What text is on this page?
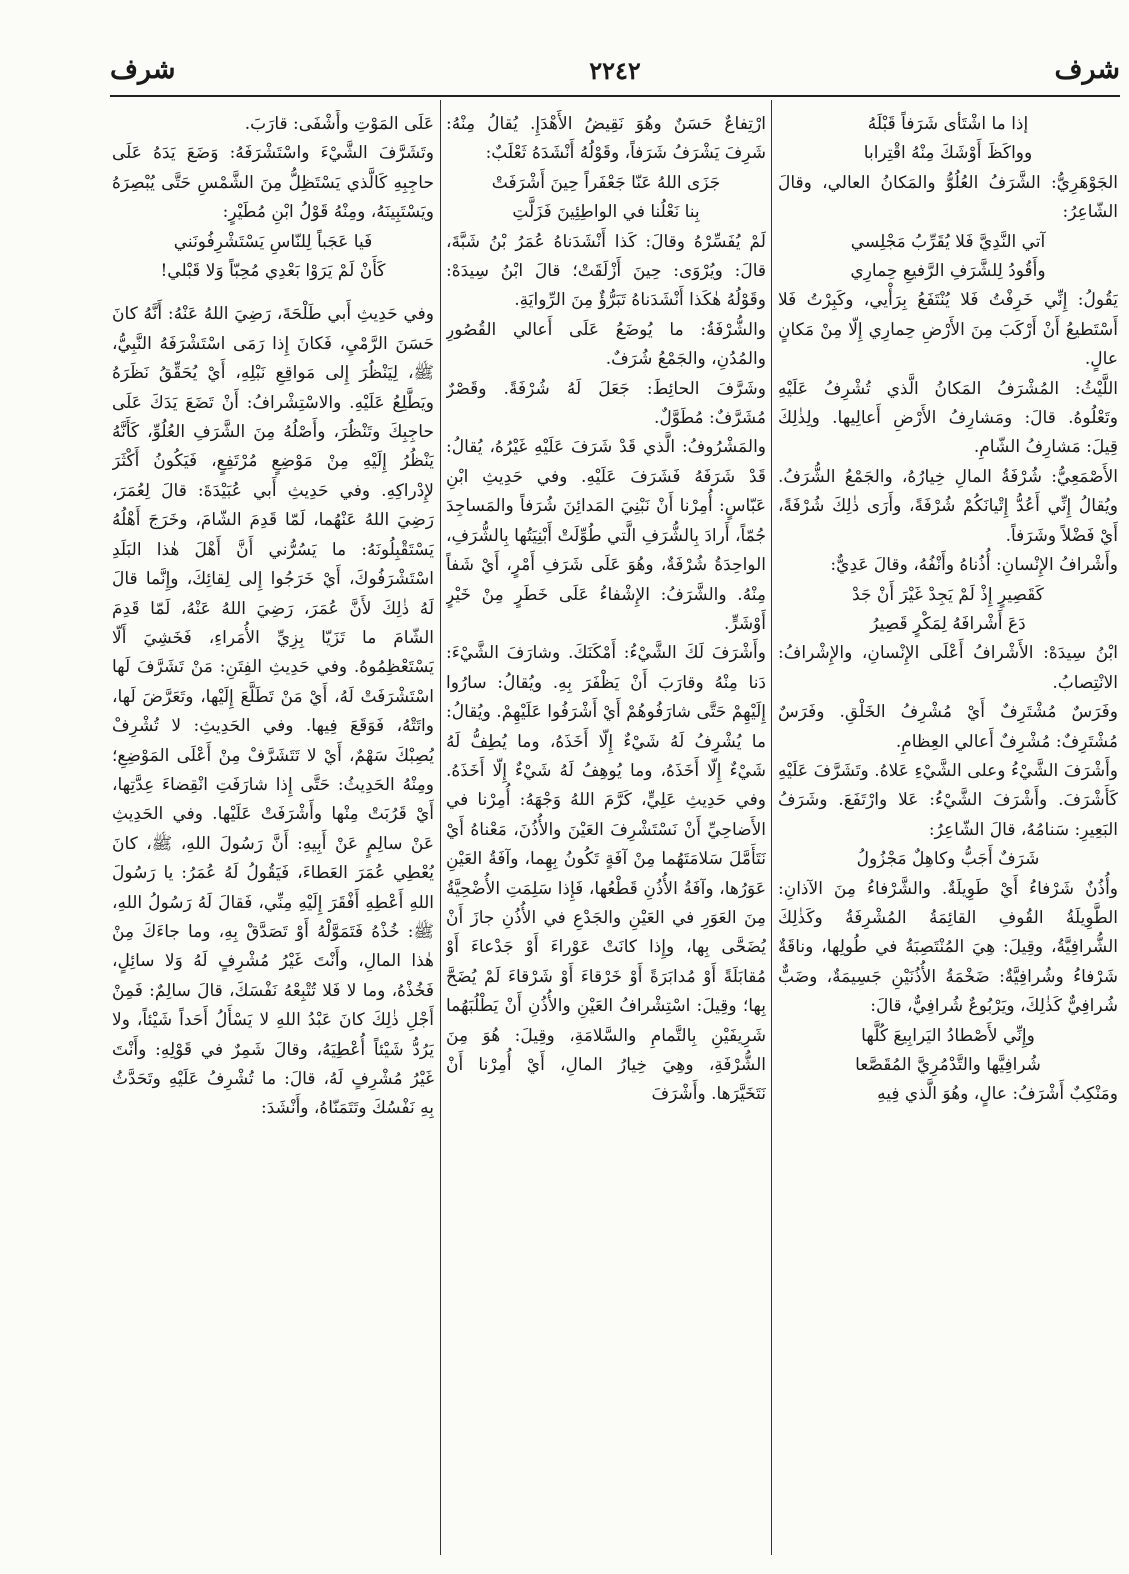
شرف
٢٢٤٢
شرف

إذا ما اشْتَأى شَرَفاً قَبْلَهُ

وواكَظَ أَوْشَكَ مِنْهُ اقْتِرابا

الجَوْهَرِيُّ: الشَّرَفُ العُلُوُّ والمَكانُ العالي، وقالَ الشّاعِرُ:

آتي النَّدِيَّ فَلا يُقَرِّبُ مَجْلِسي

وأَقُودُ لِلشَّرَفِ الرَّفيعِ حِمارِي

يَقُولُ: إِنِّي خَرِفْتُ فَلا يُنْتَفَعُ بِرَأْيي، وكَبِرْتُ فَلا أَسْتَطيعُ أَنْ أَرْكَبَ مِنَ الأَرْضِ حِمارِي إِلّا مِنْ مَكانٍ عالٍ.

اللَّيْثُ: المُشْرَفُ المَكانُ الَّذي تُشْرِفُ عَلَيْهِ وتَعْلُوهُ. قالَ: ومَشارِفُ الأَرْضِ أَعالِيها. ولِذٰلِكَ قِيلَ: مَشارِفُ الشّامِ.

الأَصْمَعِيُّ: شُرْفَةُ المالِ خِيارُهُ، والجَمْعُ الشُّرَفُ. ويُقالُ إِنِّي أَعُدُّ إِتْيانَكُمْ شُرْفَةً، وأَرَى ذٰلِكَ شُرْفَةً، أَيْ فَضْلاً وشَرَفاً.

وأَشْرافُ الإِنْسانِ: أُذُناهُ وأَنْفُهُ، وقالَ عَدِيٌّ:

كَقَصِيرٍ إِذْ لَمْ يَجِدْ غَيْرَ أَنْ جَدْ

دَعَ أَشْرافَهُ لِمَكْرٍ قَصِيرُ

ابْنُ سِيدَهْ: الأَشْرافُ أَعْلَى الإِنْسانِ، والإِشْرافُ: الانْتِصابُ.

وفَرَسٌ مُشْتَرِفٌ أَيْ مُشْرِفُ الخَلْقِ. وفَرَسٌ مُشْتَرِفٌ: مُشْرِفٌ أَعالي العِظامِ.

وأَشْرَفَ الشَّيْءُ وعلى الشَّيْءِ عَلاهُ. وتَشَرَّفَ عَلَيْهِ كَأَشْرَفَ. وأَشْرَفَ الشَّيْءُ: عَلا وارْتَفَعَ. وشَرَفُ البَعِيرِ: سَنامُهُ، قالَ الشّاعِرُ:

شَرَفٌ أَجَبُّ وكاهِلٌ مَجْزُولُ

وأُذُنٌ شَرْفاءُ أَيْ طَوِيلَةٌ. والشَّرْفاءُ مِنَ الآذانِ: الطَّوِيلَةُ القُوفِ القائِمَةُ المُشْرِفَةُ وكَذٰلِكَ الشُّرافِيَّةُ، وقِيلَ: هِيَ المُنْتَصِبَةُ في طُولِها، وناقَةٌ شَرْفاءُ وشُرافِيَّةٌ: ضَخْمَةُ الأُذُنَيْنِ جَسِيمَةٌ، وضَبٌّ شُرافِيٌّ كَذٰلِكَ، ويَرْبُوعٌ شُرافِيٌّ، قالَ:

وإِنِّي لأَصْطادُ اليَرابِيعَ كُلَّها

شُرافِيَّها والتَّدْمُرِيَّ المُقَصَّعا

ومَنْكِبٌ أَشْرَفُ: عالٍ، وهُوَ الَّذي فِيهِ

ارْتِفاعٌ حَسَنٌ وهُوَ نَقِيضُ الأَهْدَإِ. يُقالُ مِنْهُ: شَرِفَ يَشْرَفُ شَرَفاً، وقَوْلُهُ أَنْشَدَهُ ثَعْلَبٌ:

جَزَى اللهُ عَنّا جَعْفَراً حِينَ أَشْرَفَتْ

بِنا نَعْلُنا في الواطِئِينَ فَزَلَّتِ

لَمْ يُفَسِّرْهُ وقالَ: كَذا أَنْشَدَناهُ عُمَرُ بْنُ شَبَّةَ، قالَ: ويُرْوَى: حِينَ أَزْلَقَتْ؛ قالَ ابْنُ سِيدَهْ: وقَوْلُهُ هٰكَذا أَنْشَدَناهُ تَبَرُّؤٌ مِنَ الرِّوايَةِ.

والشُّرْفَةُ: ما يُوضَعُ عَلَى أَعالي القُصُورِ والمُدُنِ، والجَمْعُ شُرَفٌ.

وشَرَّفَ الحائِطَ: جَعَلَ لَهُ شُرْفَةً. وقَصْرٌ مُشَرَّفٌ: مُطَوَّلٌ.

والمَشْرُوفُ: الَّذي قَدْ شَرَفَ عَلَيْهِ غَيْرُهُ، يُقالُ: قَدْ شَرَفَهُ فَشَرَفَ عَلَيْهِ. وفي حَدِيثِ ابْنِ عَبّاسٍ: أُمِرْنا أَنْ نَبْنِيَ المَدائِنَ شُرَفاً والمَساجِدَ جُمّاً، أَرادَ بِالشُّرَفِ الَّتي طُوِّلَتْ أَبْنِيَتُها بِالشُّرَفِ، الواحِدَةُ شُرْفَةٌ، وهُوَ عَلَى شَرَفِ أَمْرٍ، أَيْ شَفاً مِنْهُ. والشَّرَفُ: الإِشْفاءُ عَلَى خَطَرٍ مِنْ خَيْرٍ أَوْشَرٍّ.

وأَشْرَفَ لَكَ الشَّيْءُ: أَمْكَنَكَ. وشارَفَ الشَّيْءَ: دَنا مِنْهُ وقارَبَ أَنْ يَظْفَرَ بِهِ. ويُقالُ: سارُوا إِلَيْهِمْ حَتَّى شارَفُوهُمْ أَيْ أَشْرَفُوا عَلَيْهِمْ. ويُقالُ: ما يُشْرِفُ لَهُ شَيْءٌ إِلّا أَخَذَهُ، وما يُطِفُّ لَهُ شَيْءٌ إِلّا أَخَذَهُ، وما يُوهِفُ لَهُ شَيْءٌ إِلّا أَخَذَهُ. وفي حَدِيثِ عَلِيٍّ، كَرَّمَ اللهُ وَجْهَهُ: أُمِرْنا في الأَضاحِيِّ أَنْ نَسْتَشْرِفَ العَيْنَ والأُذُنَ، مَعْناهُ أَيْ نَتَأَمَّلَ سَلامَتَهُما مِنْ آفَةٍ تَكُونُ بِهِما، وآفَةُ العَيْنِ عَوَرُها، وآفَةُ الأُذُنِ قَطْعُها، فَإِذا سَلِمَتِ الأُضْحِيَّةُ مِنَ العَوَرِ في العَيْنِ والجَدْعِ في الأُذُنِ جازَ أَنْ يُضَحَّى بِها، وإِذا كانَتْ عَوْراءَ أَوْ جَدْعاءَ أَوْ مُقابَلَةً أَوْ مُدابَرَةً أَوْ خَرْقاءَ أَوْ شَرْقاءَ لَمْ يُضَحَّ بِها؛ وقِيلَ: اسْتِشْرافُ العَيْنِ والأُذُنِ أَنْ يَطْلُبَهُما شَرِيفَيْنِ بِالتَّمامِ والسَّلامَةِ، وقِيلَ: هُوَ مِنَ الشُّرْفَةِ، وهِيَ خِيارُ المالِ، أَيْ أُمِرْنا أَنْ نَتَخَيَّرَها. وأَشْرَفَ

عَلَى المَوْتِ وأَشْفَى: قارَبَ.

وتَشَرَّفَ الشَّيْءَ واسْتَشْرَفَهُ: وَضَعَ يَدَهُ عَلَى حاجِبِهِ كَالَّذي يَسْتَظِلُّ مِنَ الشَّمْسِ حَتَّى يُبْصِرَهُ ويَسْتَبِينَهُ، ومِنْهُ قَوْلُ ابْنِ مُطَيْرٍ:

فَيا عَجَباً لِلنّاسِ يَسْتَشْرِفُونَني

كَأَنْ لَمْ يَرَوْا بَعْدِي مُحِبّاً وَلا قَبْلي!

وفي حَدِيثِ أَبي طَلْحَةَ، رَضِيَ اللهُ عَنْهُ: أَنَّهُ كانَ حَسَنَ الرَّمْيِ، فَكانَ إِذا رَمَى اسْتَشْرَفَهُ النَّبِيُّ، ﷺ، لِيَنْظُرَ إِلى مَواقِعِ نَبْلِهِ، أَيْ يُحَقِّقُ نَظَرَهُ ويَطَّلِعُ عَلَيْهِ. والاسْتِشْرافُ: أَنْ تَضَعَ يَدَكَ عَلَى حاجِبِكَ وتَنْظُرَ، وأَصْلُهُ مِنَ الشَّرَفِ العُلُوِّ، كَأَنَّهُ يَنْظُرُ إِلَيْهِ مِنْ مَوْضِعٍ مُرْتَفِعٍ، فَيَكُونُ أَكْثَرَ لإِدْراكِهِ. وفي حَدِيثِ أَبي عُبَيْدَةَ: قالَ لِعُمَرَ، رَضِيَ اللهُ عَنْهُما، لَمّا قَدِمَ الشّامَ، وخَرَجَ أَهْلُهُ يَسْتَقْبِلُونَهُ: ما يَسُرُّني أَنَّ أَهْلَ هٰذا البَلَدِ اسْتَشْرَفُوكَ، أَيْ خَرَجُوا إِلى لِقائِكَ، وإِنَّما قالَ لَهُ ذٰلِكَ لأَنَّ عُمَرَ، رَضِيَ اللهُ عَنْهُ، لَمّا قَدِمَ الشّامَ ما تَزَيّا بِزِيِّ الأُمَراءِ، فَخَشِيَ أَلّا يَسْتَعْظِمُوهُ. وفي حَدِيثِ الفِتَنِ: مَنْ تَشَرَّفَ لَها اسْتَشْرَفَتْ لَهُ، أَيْ مَنْ تَطَلَّعَ إِلَيْها، وتَعَرَّضَ لَها، واتَتْهُ، فَوَقَعَ فِيها. وفي الحَدِيثِ: لا تُشْرِفْ يُصِبْكَ سَهْمٌ، أَيْ لا تَتَشَرَّفْ مِنْ أَعْلَى المَوْضِعِ؛ ومِنْهُ الحَدِيثُ: حَتَّى إِذا شارَفَتِ انْقِضاءَ عِدَّتِها، أَيْ قَرُبَتْ مِنْها وأَشْرَفَتْ عَلَيْها. وفي الحَدِيثِ عَنْ سالِمٍ عَنْ أَبِيهِ: أَنَّ رَسُولَ اللهِ، ﷺ، كانَ يُعْطِي عُمَرَ العَطاءَ، فَيَقُولُ لَهُ عُمَرُ: يا رَسُولَ اللهِ أَعْطِهِ أَفْقَرَ إِلَيْهِ مِنِّي، فَقالَ لَهُ رَسُولُ اللهِ، ﷺ: خُذْهُ فَتَمَوَّلْهُ أَوْ تَصَدَّقْ بِهِ، وما جاءَكَ مِنْ هٰذا المالِ، وأَنْتَ غَيْرُ مُشْرِفٍ لَهُ وَلا سائِلٍ، فَخُذْهُ، وما لا فَلا تُتْبِعْهُ نَفْسَكَ، قالَ سالِمٌ: فَمِنْ أَجْلِ ذٰلِكَ كانَ عَبْدُ اللهِ لا يَسْأَلُ أَحَداً شَيْئاً، ولا يَرُدُّ شَيْئاً أُعْطِيَهُ، وقالَ شَمِرٌ في قَوْلِهِ: وأَنْتَ غَيْرُ مُشْرِفٍ لَهُ، قالَ: ما تُشْرِفُ عَلَيْهِ وتَحَدَّثُ بِهِ نَفْسُكَ وتَتَمَنّاهُ، وأَنْشَدَ:
